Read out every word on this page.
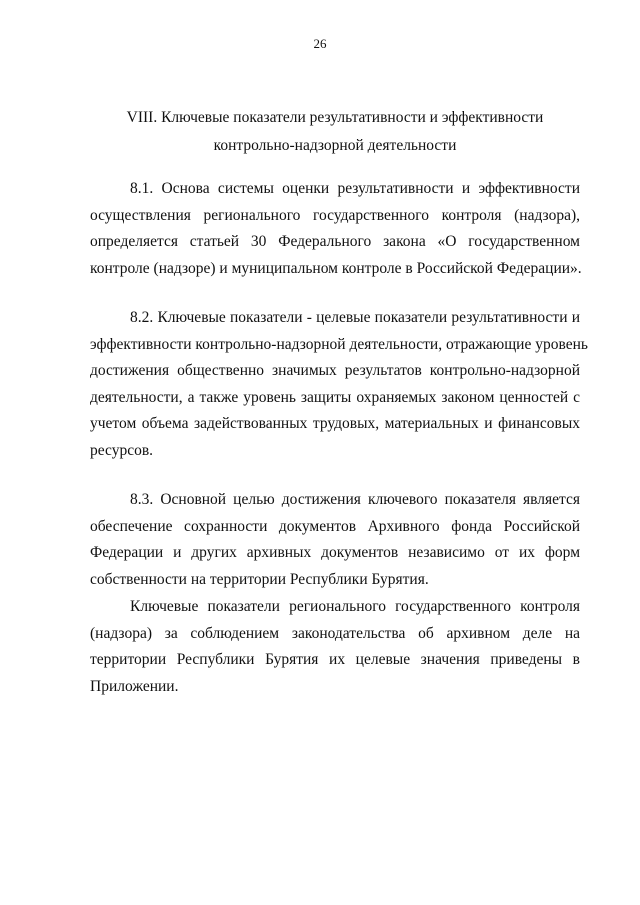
26
VIII. Ключевые показатели результативности и эффективности
контрольно-надзорной деятельности
8.1. Основа системы оценки результативности и эффективности
осуществления регионального государственного контроля (надзора),
определяется статьей 30 Федерального закона «О государственном
контроле (надзоре) и муниципальном контроле в Российской Федерации».
8.2. Ключевые показатели - целевые показатели результативности и
эффективности контрольно-надзорной деятельности, отражающие уровень
достижения общественно значимых результатов контрольно-надзорной
деятельности, а также уровень защиты охраняемых законом ценностей с
учетом объема задействованных трудовых, материальных и финансовых
ресурсов.
8.3. Основной целью достижения ключевого показателя является
обеспечение сохранности документов Архивного фонда Российской
Федерации и других архивных документов независимо от их форм
собственности на территории Республики Бурятия.
Ключевые показатели регионального государственного контроля
(надзора) за соблюдением законодательства об архивном деле на
территории Республики Бурятия их целевые значения приведены в
Приложении.
